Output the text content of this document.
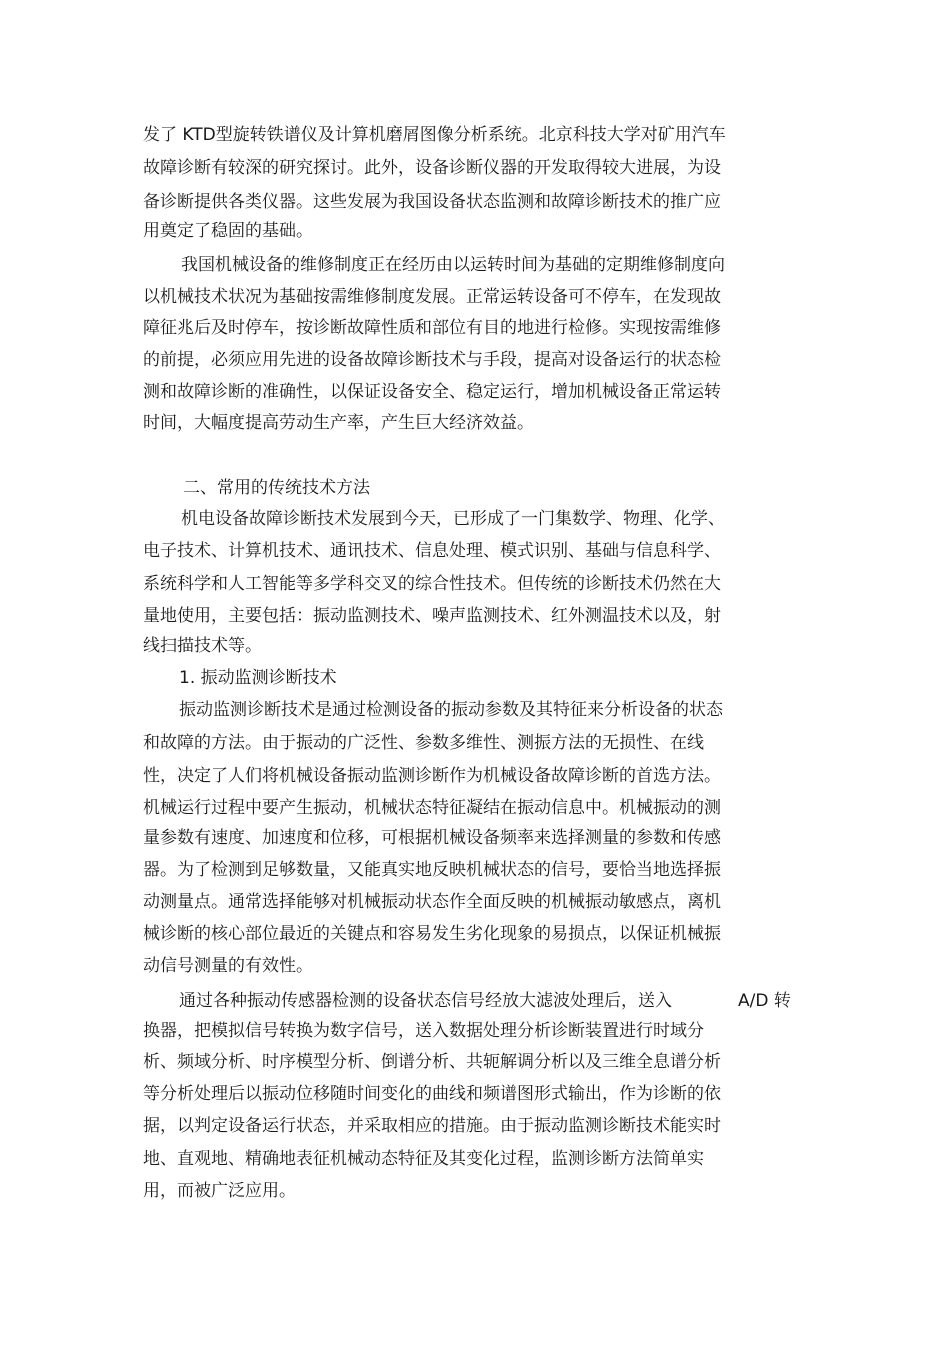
发了 KTD型旋转铁谱仪及计算机磨屑图像分析系统。北京科技大学对矿用汽车
故障诊断有较深的研究探讨。此外，设备诊断仪器的开发取得较大进展，为设
备诊断提供各类仪器。这些发展为我国设备状态监测和故障诊断技术的推广应
用奠定了稳固的基础。
我国机械设备的维修制度正在经历由以运转时间为基础的定期维修制度向
以机械技术状况为基础按需维修制度发展。正常运转设备可不停车，在发现故
障征兆后及时停车，按诊断故障性质和部位有目的地进行检修。实现按需维修
的前提，必须应用先进的设备故障诊断技术与手段，提高对设备运行的状态检
测和故障诊断的准确性，以保证设备安全、稳定运行，增加机械设备正常运转
时间，大幅度提高劳动生产率，产生巨大经济效益。
二、常用的传统技术方法
机电设备故障诊断技术发展到今天，已形成了一门集数学、物理、化学、
电子技术、计算机技术、通讯技术、信息处理、模式识别、基础与信息科学、
系统科学和人工智能等多学科交叉的综合性技术。但传统的诊断技术仍然在大
量地使用，主要包括：振动监测技术、噪声监测技术、红外测温技术以及，射
线扫描技术等。
1. 振动监测诊断技术
振动监测诊断技术是通过检测设备的振动参数及其特征来分析设备的状态
和故障的方法。由于振动的广泛性、参数多维性、测振方法的无损性、在线
性，决定了人们将机械设备振动监测诊断作为机械设备故障诊断的首选方法。
机械运行过程中要产生振动，机械状态特征凝结在振动信息中。机械振动的测
量参数有速度、加速度和位移，可根据机械设备频率来选择测量的参数和传感
器。为了检测到足够数量，又能真实地反映机械状态的信号，要恰当地选择振
动测量点。通常选择能够对机械振动状态作全面反映的机械振动敏感点，离机
械诊断的核心部位最近的关键点和容易发生劣化现象的易损点，以保证机械振
动信号测量的有效性。
通过各种振动传感器检测的设备状态信号经放大滤波处理后，送入	A/D 转
换器，把模拟信号转换为数字信号，送入数据处理分析诊断装置进行时域分
析、频域分析、时序模型分析、倒谱分析、共轭解调分析以及三维全息谱分析
等分析处理后以振动位移随时间变化的曲线和频谱图形式输出，作为诊断的依
据，以判定设备运行状态，并采取相应的措施。由于振动监测诊断技术能实时
地、直观地、精确地表征机械动态特征及其变化过程，监测诊断方法简单实
用，而被广泛应用。
